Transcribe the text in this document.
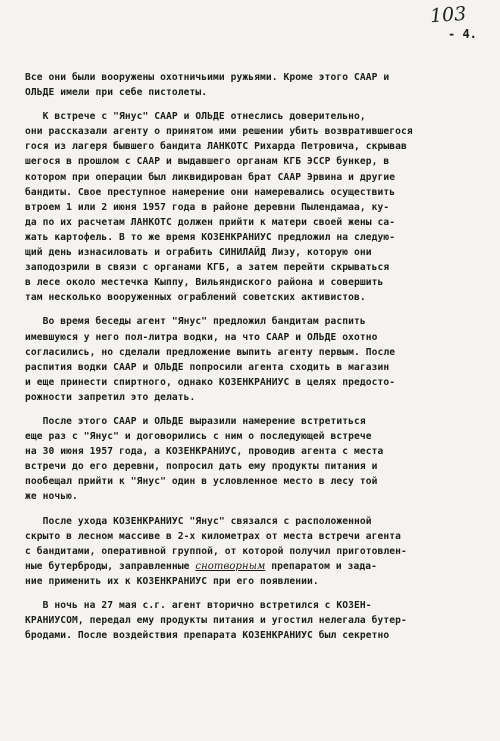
103
- 4.
Все они были вооружены охотничьими ружьями. Кроме этого СААР и
ОЛЬДЕ имели при себе пистолеты.
К встрече с "Янус" СААР и ОЛЬДЕ отнеслись доверительно,
они рассказали агенту о принятом ими решении убить возвратившегося
гося из лагеря бывшего бандита ЛАНКОТС Рихарда Петровича, скрывав
шегося в прошлом с СААР и выдавшего органам КГБ ЭССР бункер, в
котором при операции был ликвидирован брат СААР Эрвина и другие
бандиты. Свое преступное намерение они намеревались осуществить
втроем 1 или 2 июня 1957 года в районе деревни Пылендамаа, ку-
да по их расчетам ЛАНКОТС должен прийти к матери своей жены са-
жать картофель. В то же время КОЗЕНКРАНИУС предложил на следую-
щий день изнасиловать и ограбить СИНИЛАЙД Лизу, которую они
заподозрили в связи с органами КГБ, а затем перейти скрываться
в лесе около местечка Кыппу, Вильяндиского района и совершить
там несколько вооруженных ограблений советских активистов.
Во время беседы агент "Янус" предложил бандитам распить
имевшуюся у него пол-литра водки, на что СААР и ОЛЬДЕ охотно
согласились, но сделали предложение выпить агенту первым. После
распития водки СААР и ОЛЬДЕ попросили агента сходить в магазин
и еще принести спиртного, однако КОЗЕНКРАНИУС в целях предосто-
рожности запретил это делать.
После этого СААР и ОЛЬДЕ выразили намерение встретиться
еще раз с "Янус" и договорились с ним о последующей встрече
на 30 июня 1957 года, а КОЗЕНКРАНИУС, проводив агента с места
встречи до его деревни, попросил дать ему продукты питания и
пообещал прийти к "Янус" один в условленное место в лесу той
же ночью.
После ухода КОЗЕНКРАНИУС "Янус" связался с расположенной
скрыто в лесном массиве в 2-х километрах от места встречи агента
с бандитами, оперативной группой, от которой получил приготовлен-
ные бутерброды, заправленные снотворным препаратом и зада-
ние применить их к КОЗЕНКРАНИУС при его появлении.
В ночь на 27 мая с.г. агент вторично встретился с КОЗЕН-
КРАНИУСОМ, передал ему продукты питания и угостил нелегала бутер-
бродами. После воздействия препарата КОЗЕНКРАНИУС был секретно
